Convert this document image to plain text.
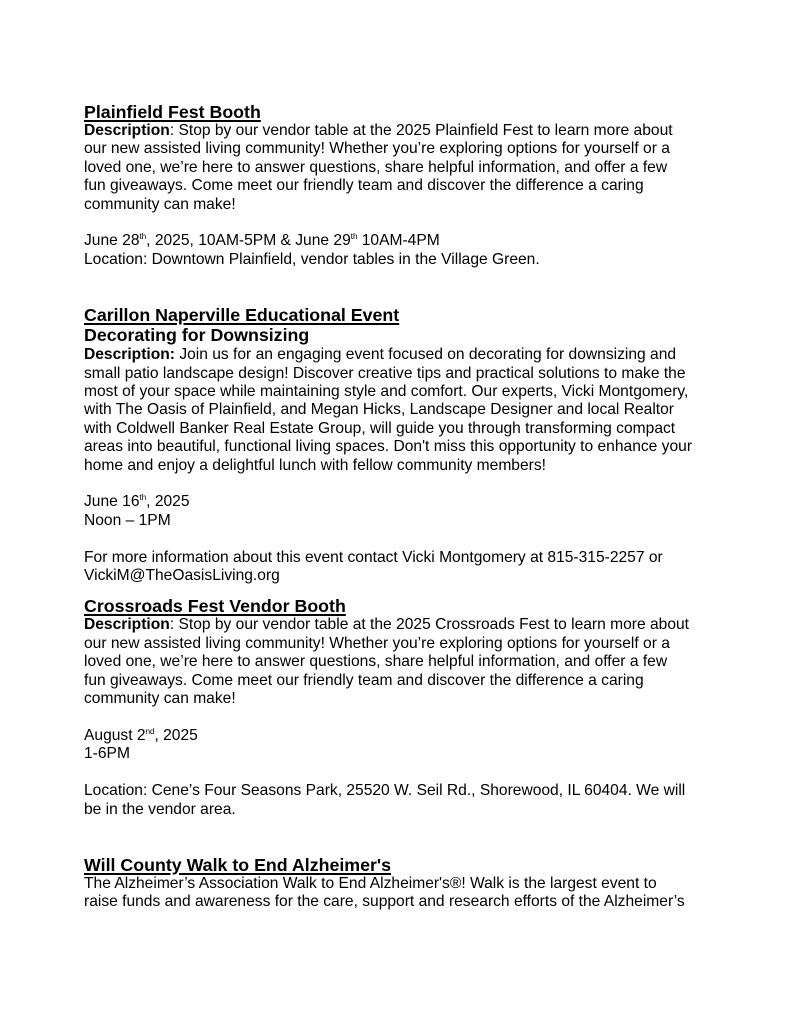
Plainfield Fest Booth
Description: Stop by our vendor table at the 2025 Plainfield Fest to learn more about
our new assisted living community! Whether you’re exploring options for yourself or a
loved one, we’re here to answer questions, share helpful information, and offer a few
fun giveaways. Come meet our friendly team and discover the difference a caring
community can make!
June 28th, 2025, 10AM-5PM & June 29th 10AM-4PM
Location: Downtown Plainfield, vendor tables in the Village Green.
Carillon Naperville Educational Event
Decorating for Downsizing
Description: Join us for an engaging event focused on decorating for downsizing and
small patio landscape design! Discover creative tips and practical solutions to make the
most of your space while maintaining style and comfort. Our experts, Vicki Montgomery,
with The Oasis of Plainfield, and Megan Hicks, Landscape Designer and local Realtor
with Coldwell Banker Real Estate Group, will guide you through transforming compact
areas into beautiful, functional living spaces. Don't miss this opportunity to enhance your
home and enjoy a delightful lunch with fellow community members!
June 16th, 2025
Noon – 1PM
For more information about this event contact Vicki Montgomery at 815-315-2257 or
VickiM@TheOasisLiving.org
Crossroads Fest Vendor Booth
Description: Stop by our vendor table at the 2025 Crossroads Fest to learn more about
our new assisted living community! Whether you’re exploring options for yourself or a
loved one, we’re here to answer questions, share helpful information, and offer a few
fun giveaways. Come meet our friendly team and discover the difference a caring
community can make!
August 2nd, 2025
1-6PM
Location: Cene’s Four Seasons Park, 25520 W. Seil Rd., Shorewood, IL 60404. We will
be in the vendor area.
Will County Walk to End Alzheimer's
The Alzheimer’s Association Walk to End Alzheimer's®! Walk is the largest event to
raise funds and awareness for the care, support and research efforts of the Alzheimer’s
